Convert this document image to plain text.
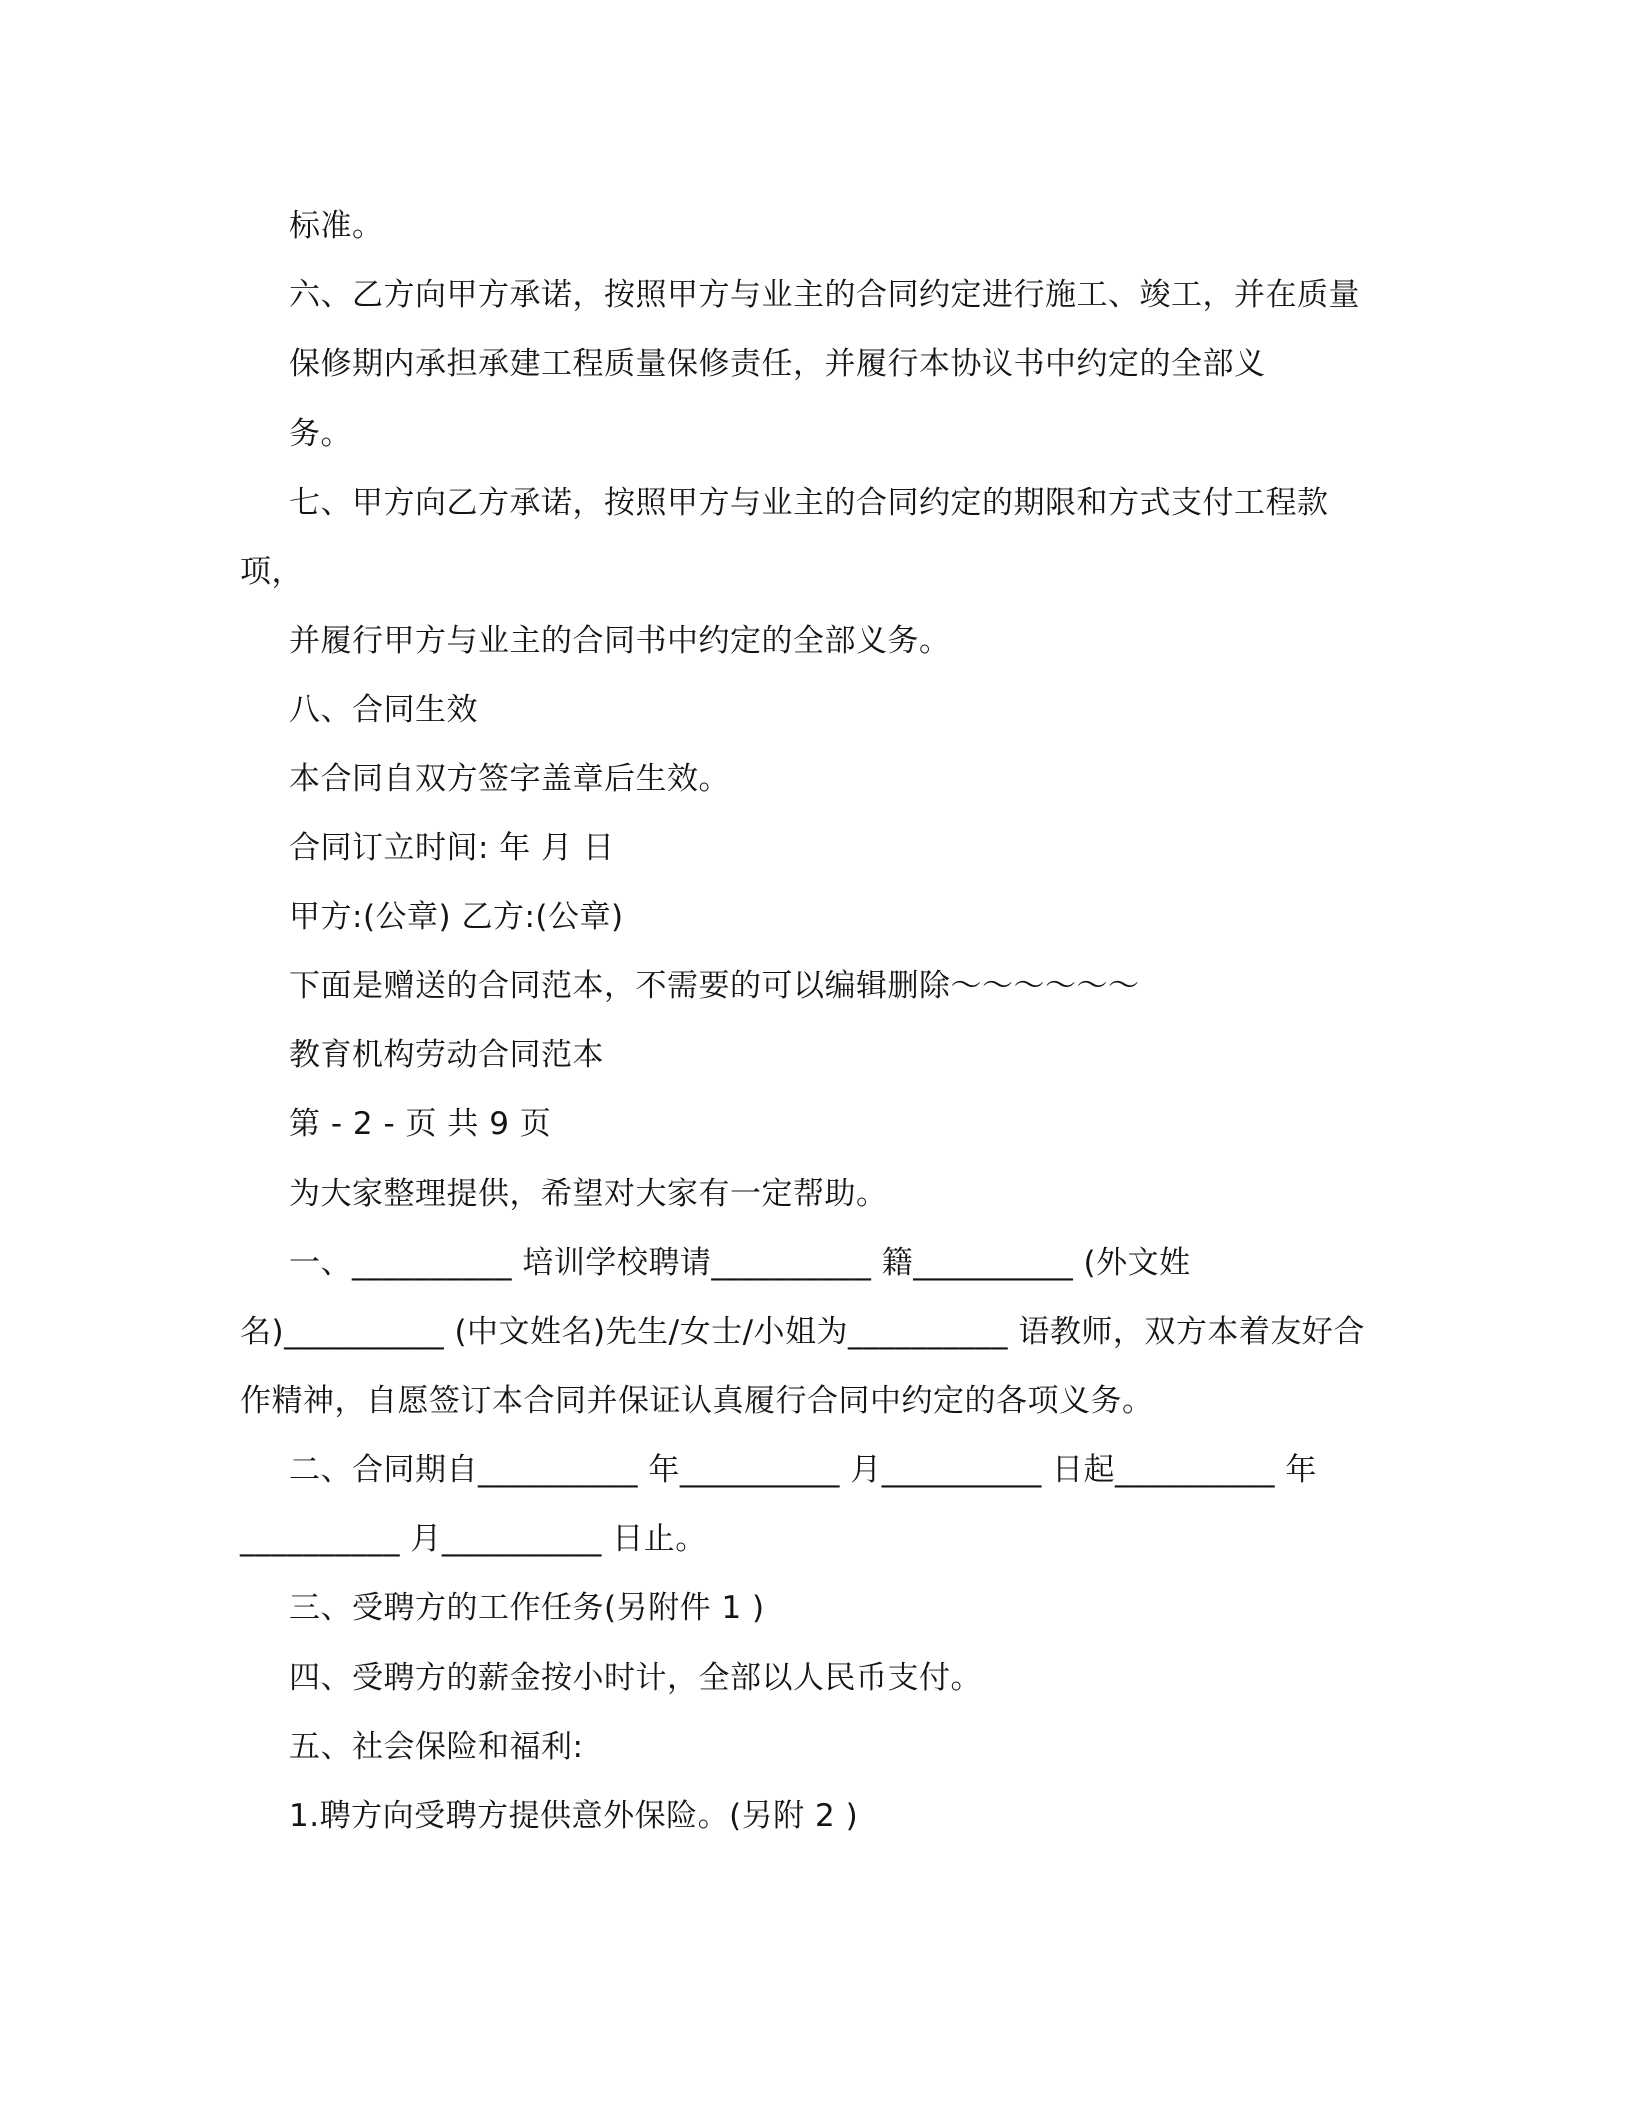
标准。
六、乙方向甲方承诺，按照甲方与业主的合同约定进行施工、竣工，并在质量
保修期内承担承建工程质量保修责任，并履行本协议书中约定的全部义
务。
七、甲方向乙方承诺，按照甲方与业主的合同约定的期限和方式支付工程款
项，
并履行甲方与业主的合同书中约定的全部义务。
八、合同生效
本合同自双方签字盖章后生效。
合同订立时间: 年 月 日
甲方:(公章) 乙方:(公章)
下面是赠送的合同范本，不需要的可以编辑删除～～～～～～
教育机构劳动合同范本
第 - 2 - 页 共 9 页
为大家整理提供，希望对大家有一定帮助。
一、__________ 培训学校聘请__________ 籍__________ (外文姓
名)__________ (中文姓名)先生/女士/小姐为__________ 语教师，双方本着友好合
作精神，自愿签订本合同并保证认真履行合同中约定的各项义务。
二、合同期自__________ 年__________ 月__________ 日起__________ 年
__________ 月__________ 日止。
三、受聘方的工作任务(另附件 1 )
四、受聘方的薪金按小时计，全部以人民币支付。
五、社会保险和福利:
1.聘方向受聘方提供意外保险。(另附 2 )
